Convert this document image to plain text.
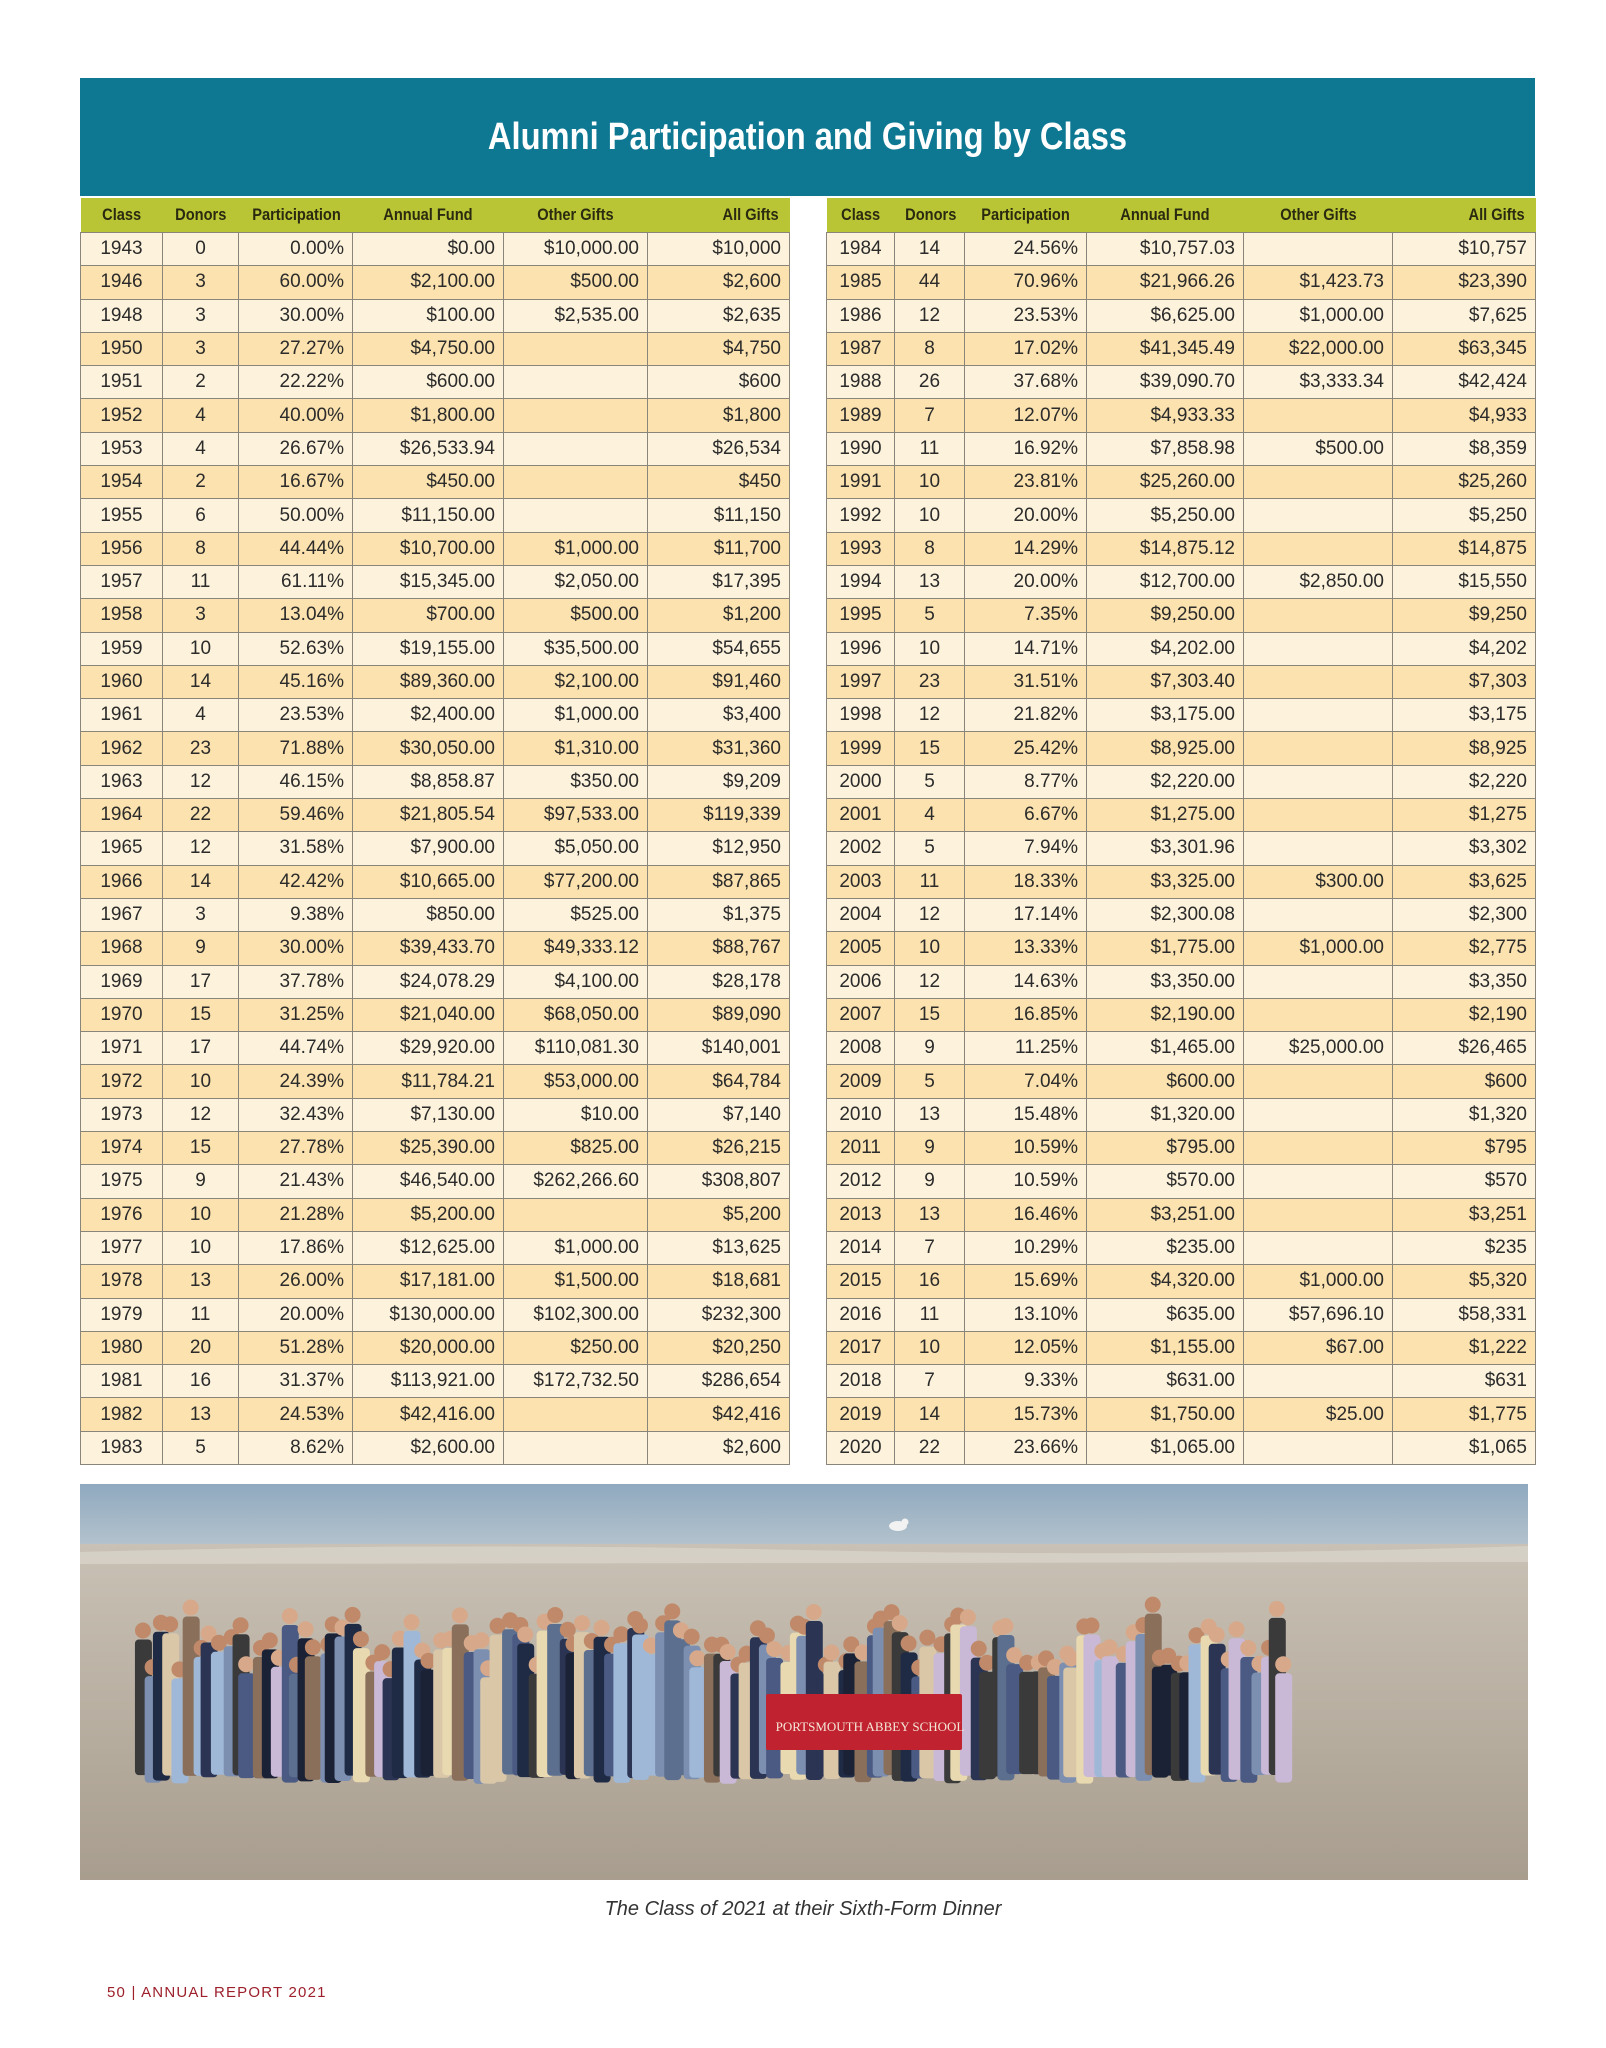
Alumni Participation and Giving by Class
Class	Donors	Participation	Annual Fund	Other Gifts	All Gifts
1943	0	0.00%	$0.00	$10,000.00	$10,000
1946	3	60.00%	$2,100.00	$500.00	$2,600
1948	3	30.00%	$100.00	$2,535.00	$2,635
1950	3	27.27%	$4,750.00		$4,750
1951	2	22.22%	$600.00		$600
1952	4	40.00%	$1,800.00		$1,800
1953	4	26.67%	$26,533.94		$26,534
1954	2	16.67%	$450.00		$450
1955	6	50.00%	$11,150.00		$11,150
1956	8	44.44%	$10,700.00	$1,000.00	$11,700
1957	11	61.11%	$15,345.00	$2,050.00	$17,395
1958	3	13.04%	$700.00	$500.00	$1,200
1959	10	52.63%	$19,155.00	$35,500.00	$54,655
1960	14	45.16%	$89,360.00	$2,100.00	$91,460
1961	4	23.53%	$2,400.00	$1,000.00	$3,400
1962	23	71.88%	$30,050.00	$1,310.00	$31,360
1963	12	46.15%	$8,858.87	$350.00	$9,209
1964	22	59.46%	$21,805.54	$97,533.00	$119,339
1965	12	31.58%	$7,900.00	$5,050.00	$12,950
1966	14	42.42%	$10,665.00	$77,200.00	$87,865
1967	3	9.38%	$850.00	$525.00	$1,375
1968	9	30.00%	$39,433.70	$49,333.12	$88,767
1969	17	37.78%	$24,078.29	$4,100.00	$28,178
1970	15	31.25%	$21,040.00	$68,050.00	$89,090
1971	17	44.74%	$29,920.00	$110,081.30	$140,001
1972	10	24.39%	$11,784.21	$53,000.00	$64,784
1973	12	32.43%	$7,130.00	$10.00	$7,140
1974	15	27.78%	$25,390.00	$825.00	$26,215
1975	9	21.43%	$46,540.00	$262,266.60	$308,807
1976	10	21.28%	$5,200.00		$5,200
1977	10	17.86%	$12,625.00	$1,000.00	$13,625
1978	13	26.00%	$17,181.00	$1,500.00	$18,681
1979	11	20.00%	$130,000.00	$102,300.00	$232,300
1980	20	51.28%	$20,000.00	$250.00	$20,250
1981	16	31.37%	$113,921.00	$172,732.50	$286,654
1982	13	24.53%	$42,416.00		$42,416
1983	5	8.62%	$2,600.00		$2,600
Class	Donors	Participation	Annual Fund	Other Gifts	All Gifts
1984	14	24.56%	$10,757.03		$10,757
1985	44	70.96%	$21,966.26	$1,423.73	$23,390
1986	12	23.53%	$6,625.00	$1,000.00	$7,625
1987	8	17.02%	$41,345.49	$22,000.00	$63,345
1988	26	37.68%	$39,090.70	$3,333.34	$42,424
1989	7	12.07%	$4,933.33		$4,933
1990	11	16.92%	$7,858.98	$500.00	$8,359
1991	10	23.81%	$25,260.00		$25,260
1992	10	20.00%	$5,250.00		$5,250
1993	8	14.29%	$14,875.12		$14,875
1994	13	20.00%	$12,700.00	$2,850.00	$15,550
1995	5	7.35%	$9,250.00		$9,250
1996	10	14.71%	$4,202.00		$4,202
1997	23	31.51%	$7,303.40		$7,303
1998	12	21.82%	$3,175.00		$3,175
1999	15	25.42%	$8,925.00		$8,925
2000	5	8.77%	$2,220.00		$2,220
2001	4	6.67%	$1,275.00		$1,275
2002	5	7.94%	$3,301.96		$3,302
2003	11	18.33%	$3,325.00	$300.00	$3,625
2004	12	17.14%	$2,300.08		$2,300
2005	10	13.33%	$1,775.00	$1,000.00	$2,775
2006	12	14.63%	$3,350.00		$3,350
2007	15	16.85%	$2,190.00		$2,190
2008	9	11.25%	$1,465.00	$25,000.00	$26,465
2009	5	7.04%	$600.00		$600
2010	13	15.48%	$1,320.00		$1,320
2011	9	10.59%	$795.00		$795
2012	9	10.59%	$570.00		$570
2013	13	16.46%	$3,251.00		$3,251
2014	7	10.29%	$235.00		$235
2015	16	15.69%	$4,320.00	$1,000.00	$5,320
2016	11	13.10%	$635.00	$57,696.10	$58,331
2017	10	12.05%	$1,155.00	$67.00	$1,222
2018	7	9.33%	$631.00		$631
2019	14	15.73%	$1,750.00	$25.00	$1,775
2020	22	23.66%	$1,065.00		$1,065
PORTSMOUTH ABBEY SCHOOL
The Class of 2021 at their Sixth-Form Dinner
50 | ANNUAL REPORT 2021
